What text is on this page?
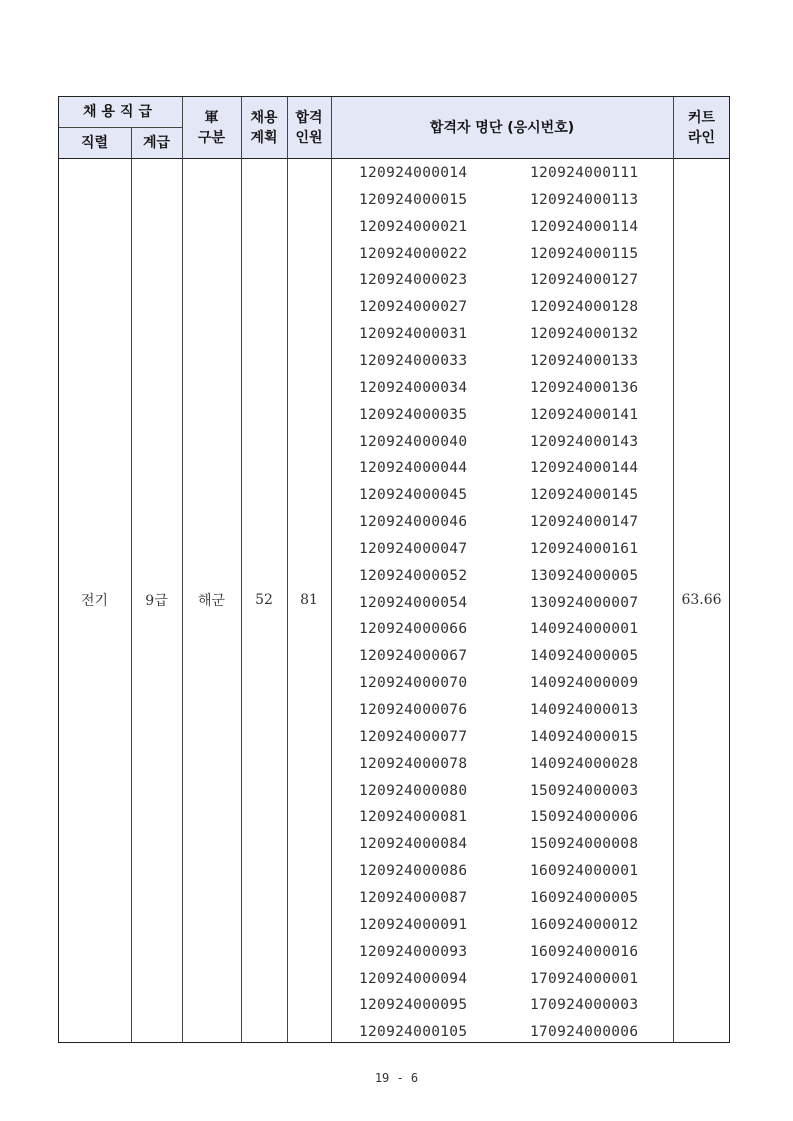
채용직급
직렬 계급
軍
구분
채용
계획
합격
인원
합격자 명단 (응시번호)
커트
라인
전기	9급 해군 52 81	63.66
120924000014
120924000015
120924000021
120924000022
120924000023
120924000027
120924000031
120924000033
120924000034
120924000035
120924000040
120924000044
120924000045
120924000046
120924000047
120924000052
120924000054
120924000066
120924000067
120924000070
120924000076
120924000077
120924000078
120924000080
120924000081
120924000084
120924000086
120924000087
120924000091
120924000093
120924000094
120924000095
120924000105
120924000111
120924000113
120924000114
120924000115
120924000127
120924000128
120924000132
120924000133
120924000136
120924000141
120924000143
120924000144
120924000145
120924000147
120924000161
130924000005
130924000007
140924000001
140924000005
140924000009
140924000013
140924000015
140924000028
150924000003
150924000006
150924000008
160924000001
160924000005
160924000012
160924000016
170924000001
170924000003
170924000006
19 - 6
